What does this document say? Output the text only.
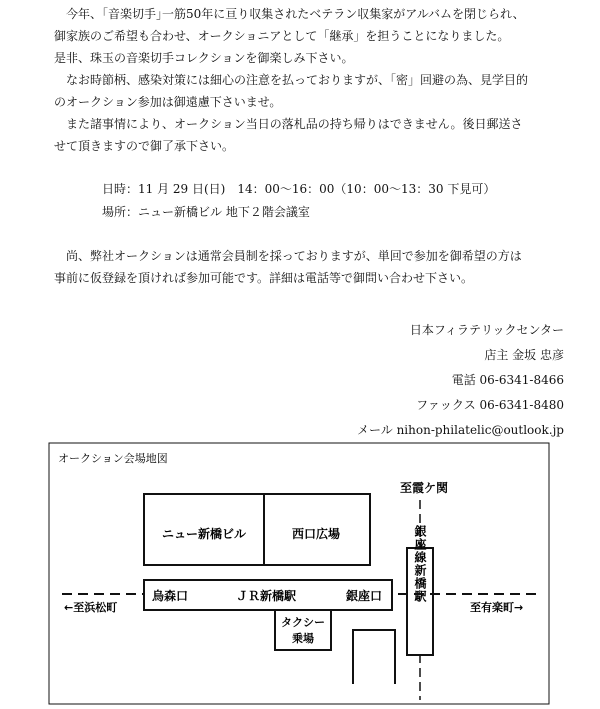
今年、｢音楽切手｣一筋50年に亘り収集されたベテラン収集家がアルバムを閉じられ、
御家族のご希望も合わせ、オークショニアとして「継承」を担うことになりました。
是非、珠玉の音楽切手コレクションを御楽しみ下さい。

なお時節柄、感染対策には細心の注意を払っておりますが、「密」回避の為、見学目的
のオークション参加は御遠慮下さいませ。

また諸事情により、オークション当日の落札品の持ち帰りはできません。後日郵送さ
せて頂きますので御了承下さい。

日時：11 月 29 日(日)　14：00～16：00（10：00～13：30 下見可）
場所：ニュー新橋ビル 地下２階会議室

尚、弊社オークションは通常会員制を採っておりますが、単回で参加を御希望の方は
事前に仮登録を頂ければ参加可能です。詳細は電話等で御問い合わせ下さい。

日本フィラテリックセンター
店主 金坂 忠彦
電話 06-6341-8466
ファックス 06-6341-8480
メール nihon-philatelic@outlook.jp
オークション会場地図
ニュー新橋ビル	西口広場
至霞ケ関
銀座線新橋駅
烏森口	ＪＲ新橋駅	銀座口
←至浜松町	至有楽町→
タクシー
乗場
